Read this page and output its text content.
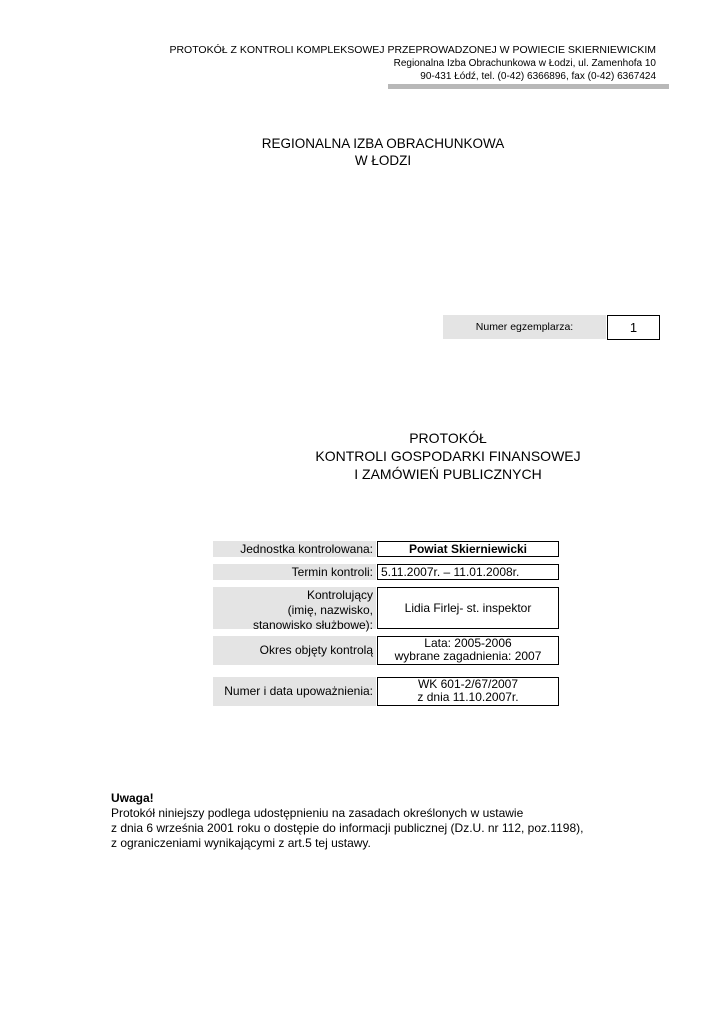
PROTOKÓŁ Z KONTROLI KOMPLEKSOWEJ PRZEPROWADZONEJ W POWIECIE SKIERNIEWICKIM
Regionalna Izba Obrachunkowa w Łodzi, ul. Zamenhofa 10
90-431 Łódź, tel. (0-42) 6366896, fax (0-42) 6367424
REGIONALNA IZBA OBRACHUNKOWA
W ŁODZI
Numer egzemplarza:	1
PROTOKÓŁ
KONTROLI GOSPODARKI FINANSOWEJ
I ZAMÓWIEŃ PUBLICZNYCH
Jednostka kontrolowana:	Powiat Skierniewicki
Termin kontroli: 5.11.2007r. – 11.01.2008r.
Kontrolujący
(imię, nazwisko,
stanowisko służbowe):
Lidia Firlej- st. inspektor
Okres objęty kontrolą	Lata: 2005-2006
wybrane zagadnienia: 2007
Numer i data upoważnienia:	WK 601-2/67/2007
z dnia 11.10.2007r.
Uwaga!
Protokół niniejszy podlega udostępnieniu na zasadach określonych w ustawie
z dnia 6 września 2001 roku o dostępie do informacji publicznej (Dz.U. nr 112, poz.1198),
z ograniczeniami wynikającymi z art.5 tej ustawy.
